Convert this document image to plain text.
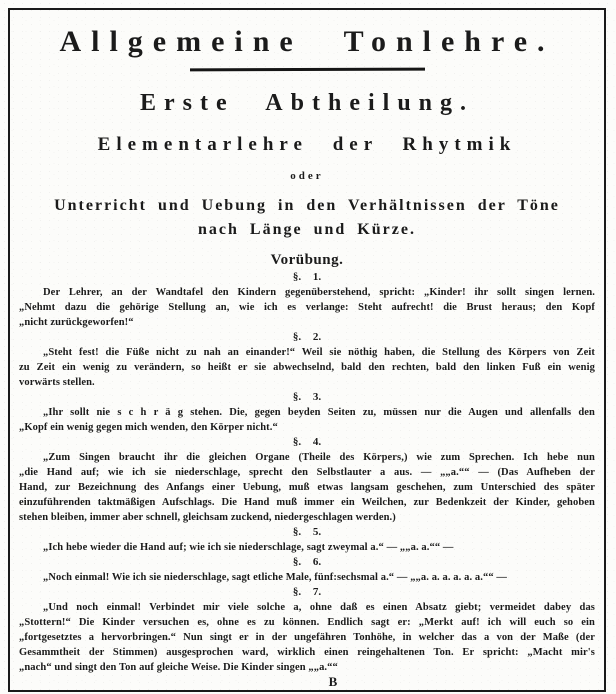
Allgemeine Tonlehre.
Erste Abtheilung.
Elementarlehre der Rhytmik
oder
Unterricht und Uebung in den Verhältnissen der Töne
nach Länge und Kürze.
Vorübung.
§. 1.
Der Lehrer, an der Wandtafel den Kindern gegenüberstehend, spricht: „Kinder! ihr sollt singen lernen.
„Nehmt dazu die gehörige Stellung an, wie ich es verlange: Steht aufrecht! die Brust heraus; den Kopf
„nicht zurückgeworfen!“
§. 2.
„Steht fest! die Füße nicht zu nah an einander!“ Weil sie nöthig haben, die Stellung des Körpers von Zeit
zu Zeit ein wenig zu verändern, so heißt er sie abwechselnd, bald den rechten, bald den linken Fuß ein wenig
vorwärts stellen.
§. 3.
„Ihr sollt nie s c h r ä g stehen. Die, gegen beyden Seiten zu, müssen nur die Augen und allenfalls den
„Kopf ein wenig gegen mich wenden, den Körper nicht.“
§. 4.
„Zum Singen braucht ihr die gleichen Organe (Theile des Körpers,) wie zum Sprechen. Ich hebe nun
„die Hand auf; wie ich sie niederschlage, sprecht den Selbstlauter a aus. — „„a.““ — (Das Aufheben der
Hand, zur Bezeichnung des Anfangs einer Uebung, muß etwas langsam geschehen, zum Unterschied des später
einzuführenden taktmäßigen Aufschlags. Die Hand muß immer ein Weilchen, zur Bedenkzeit der Kinder, gehoben
stehen bleiben, immer aber schnell, gleichsam zuckend, niedergeschlagen werden.)
§. 5.
„Ich hebe wieder die Hand auf; wie ich sie niederschlage, sagt zweymal a.“ — „„a. a.““ —
§. 6.
„Noch einmal! Wie ich sie niederschlage, sagt etliche Male, fünf:sechsmal a.“ — „„a. a. a. a. a. a.““ —
§. 7.
„Und noch einmal! Verbindet mir viele solche a, ohne daß es einen Absatz giebt; vermeidet dabey das
„Stottern!“ Die Kinder versuchen es, ohne es zu können. Endlich sagt er: „Merkt auf! ich will euch so ein
„fortgesetztes a hervorbringen.“ Nun singt er in der ungefähren Tonhöhe, in welcher das a von der Maße (der
Gesammtheit der Stimmen) ausgesprochen ward, wirklich einen reingehaltenen Ton. Er spricht: „Macht mir's
„nach“ und singt den Ton auf gleiche Weise. Die Kinder singen „„a.““
B
